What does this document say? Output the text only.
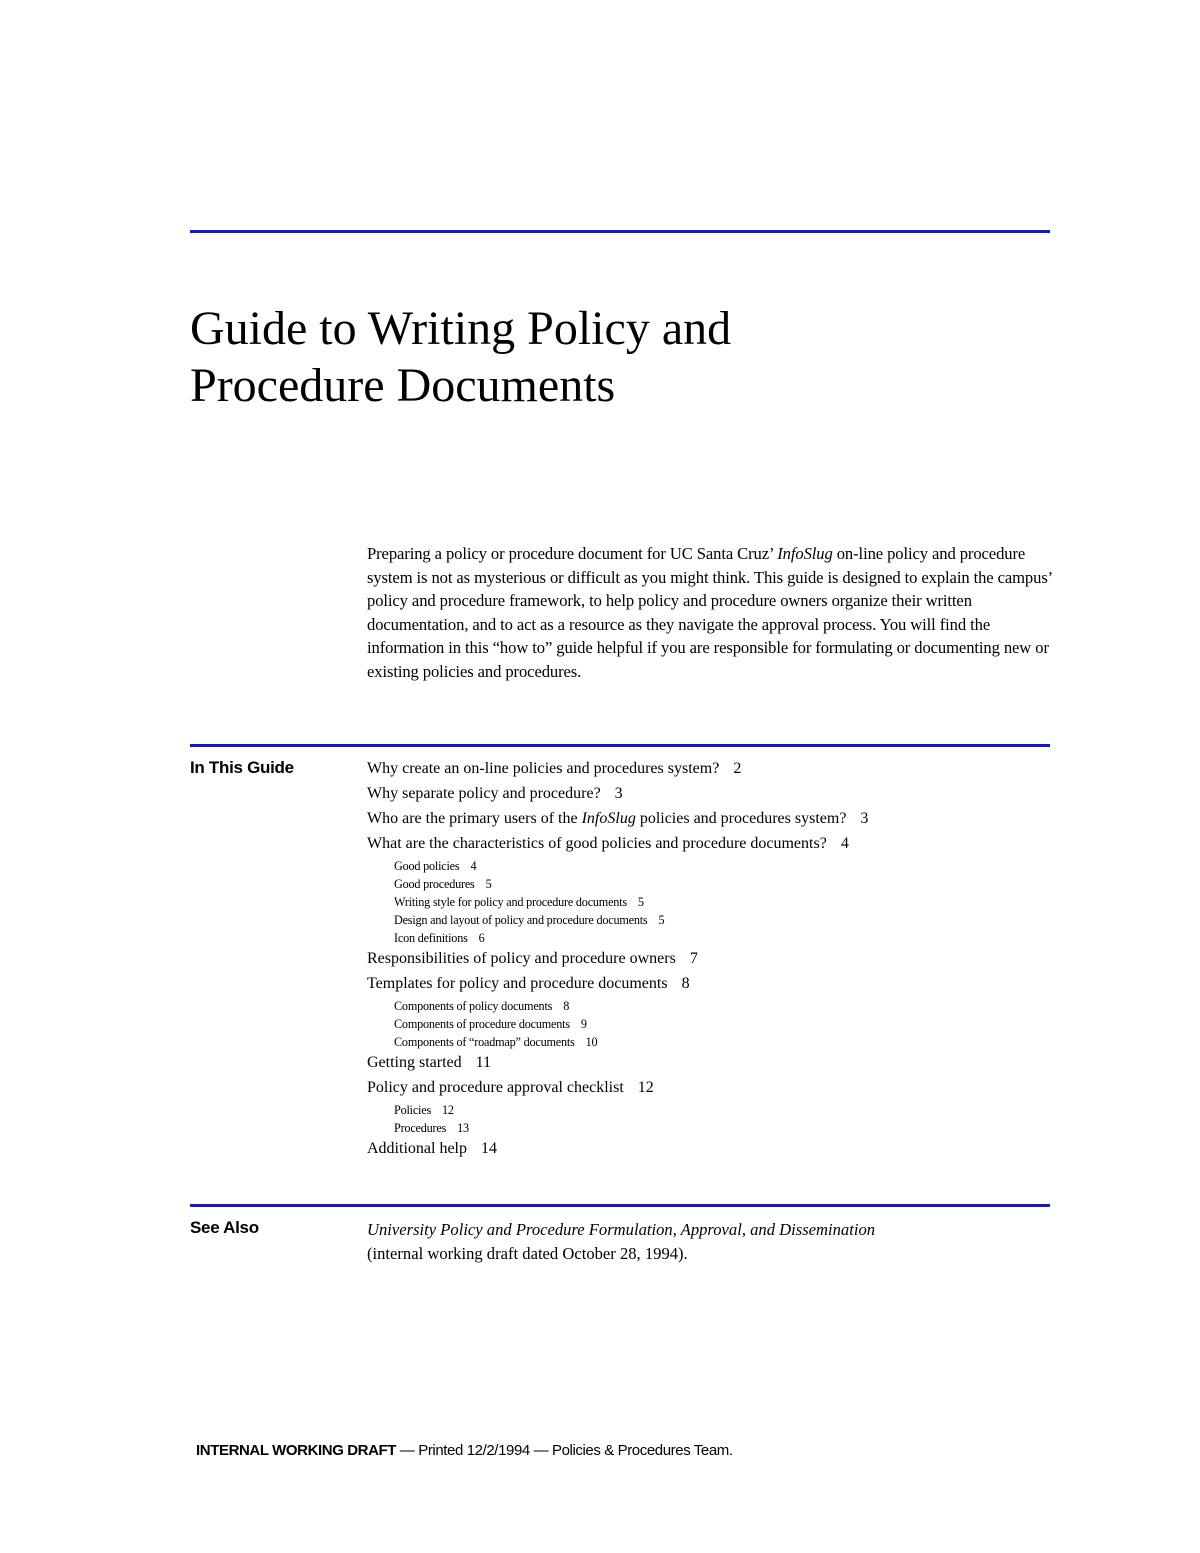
Guide to Writing Policy and
Procedure Documents

Preparing a policy or procedure document for UC Santa Cruz’ InfoSlug on-line policy and procedure system is not as mysterious or difficult as you might think. This guide is designed to explain the campus’ policy and procedure framework, to help policy and procedure owners organize their written documentation, and to act as a resource as they navigate the approval process. You will find the information in this “how to” guide helpful if you are responsible for formulating or documenting new or existing policies and procedures.

In This Guide	Why create an on-line policies and procedures system? 2
Why separate policy and procedure? 3
Who are the primary users of the InfoSlug policies and procedures system? 3
What are the characteristics of good policies and procedure documents? 4
Good policies 4
Good procedures 5
Writing style for policy and procedure documents 5
Design and layout of policy and procedure documents 5
Icon definitions 6
Responsibilities of policy and procedure owners 7
Templates for policy and procedure documents 8
Components of policy documents 8
Components of procedure documents 9
Components of “roadmap” documents 10
Getting started 11
Policy and procedure approval checklist 12
Policies 12
Procedures 13
Additional help 14
See Also	University Policy and Procedure Formulation, Approval, and Dissemination
(internal working draft dated October 28, 1994).

INTERNAL WORKING DRAFT — Printed 12/2/1994 — Policies & Procedures Team.
